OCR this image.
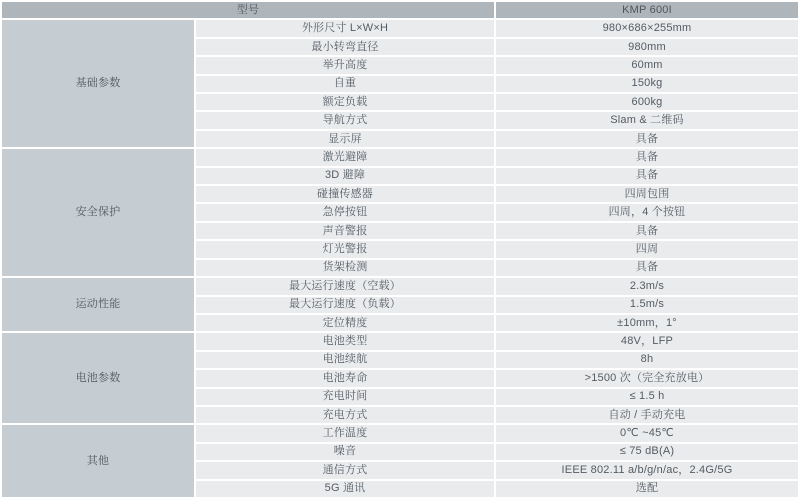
型号		KMP 600I
基础参数	外形尺寸 L×W×H	980×686×255mm
	最小转弯直径	980mm
	举升高度	60mm
	自重	150kg
	额定负载	600kg
	导航方式	Slam & 二维码
	显示屏	具备
安全保护	激光避障	具备
	3D 避障	具备
	碰撞传感器	四周包围
	急停按钮	四周，4 个按钮
	声音警报	具备
	灯光警报	四周
	货架检测	具备
运动性能	最大运行速度（空载）	2.3m/s
	最大运行速度（负载）	1.5m/s
	定位精度	±10mm，1°
电池参数	电池类型	48V，LFP
	电池续航	8h
	电池寿命	>1500 次（完全充放电）
	充电时间	≤ 1.5 h
	充电方式	自动 / 手动充电
其他	工作温度	0℃ ~45℃
	噪音	≤ 75 dB(A)
	通信方式	IEEE 802.11 a/b/g/n/ac，2.4G/5G
	5G 通讯	选配
